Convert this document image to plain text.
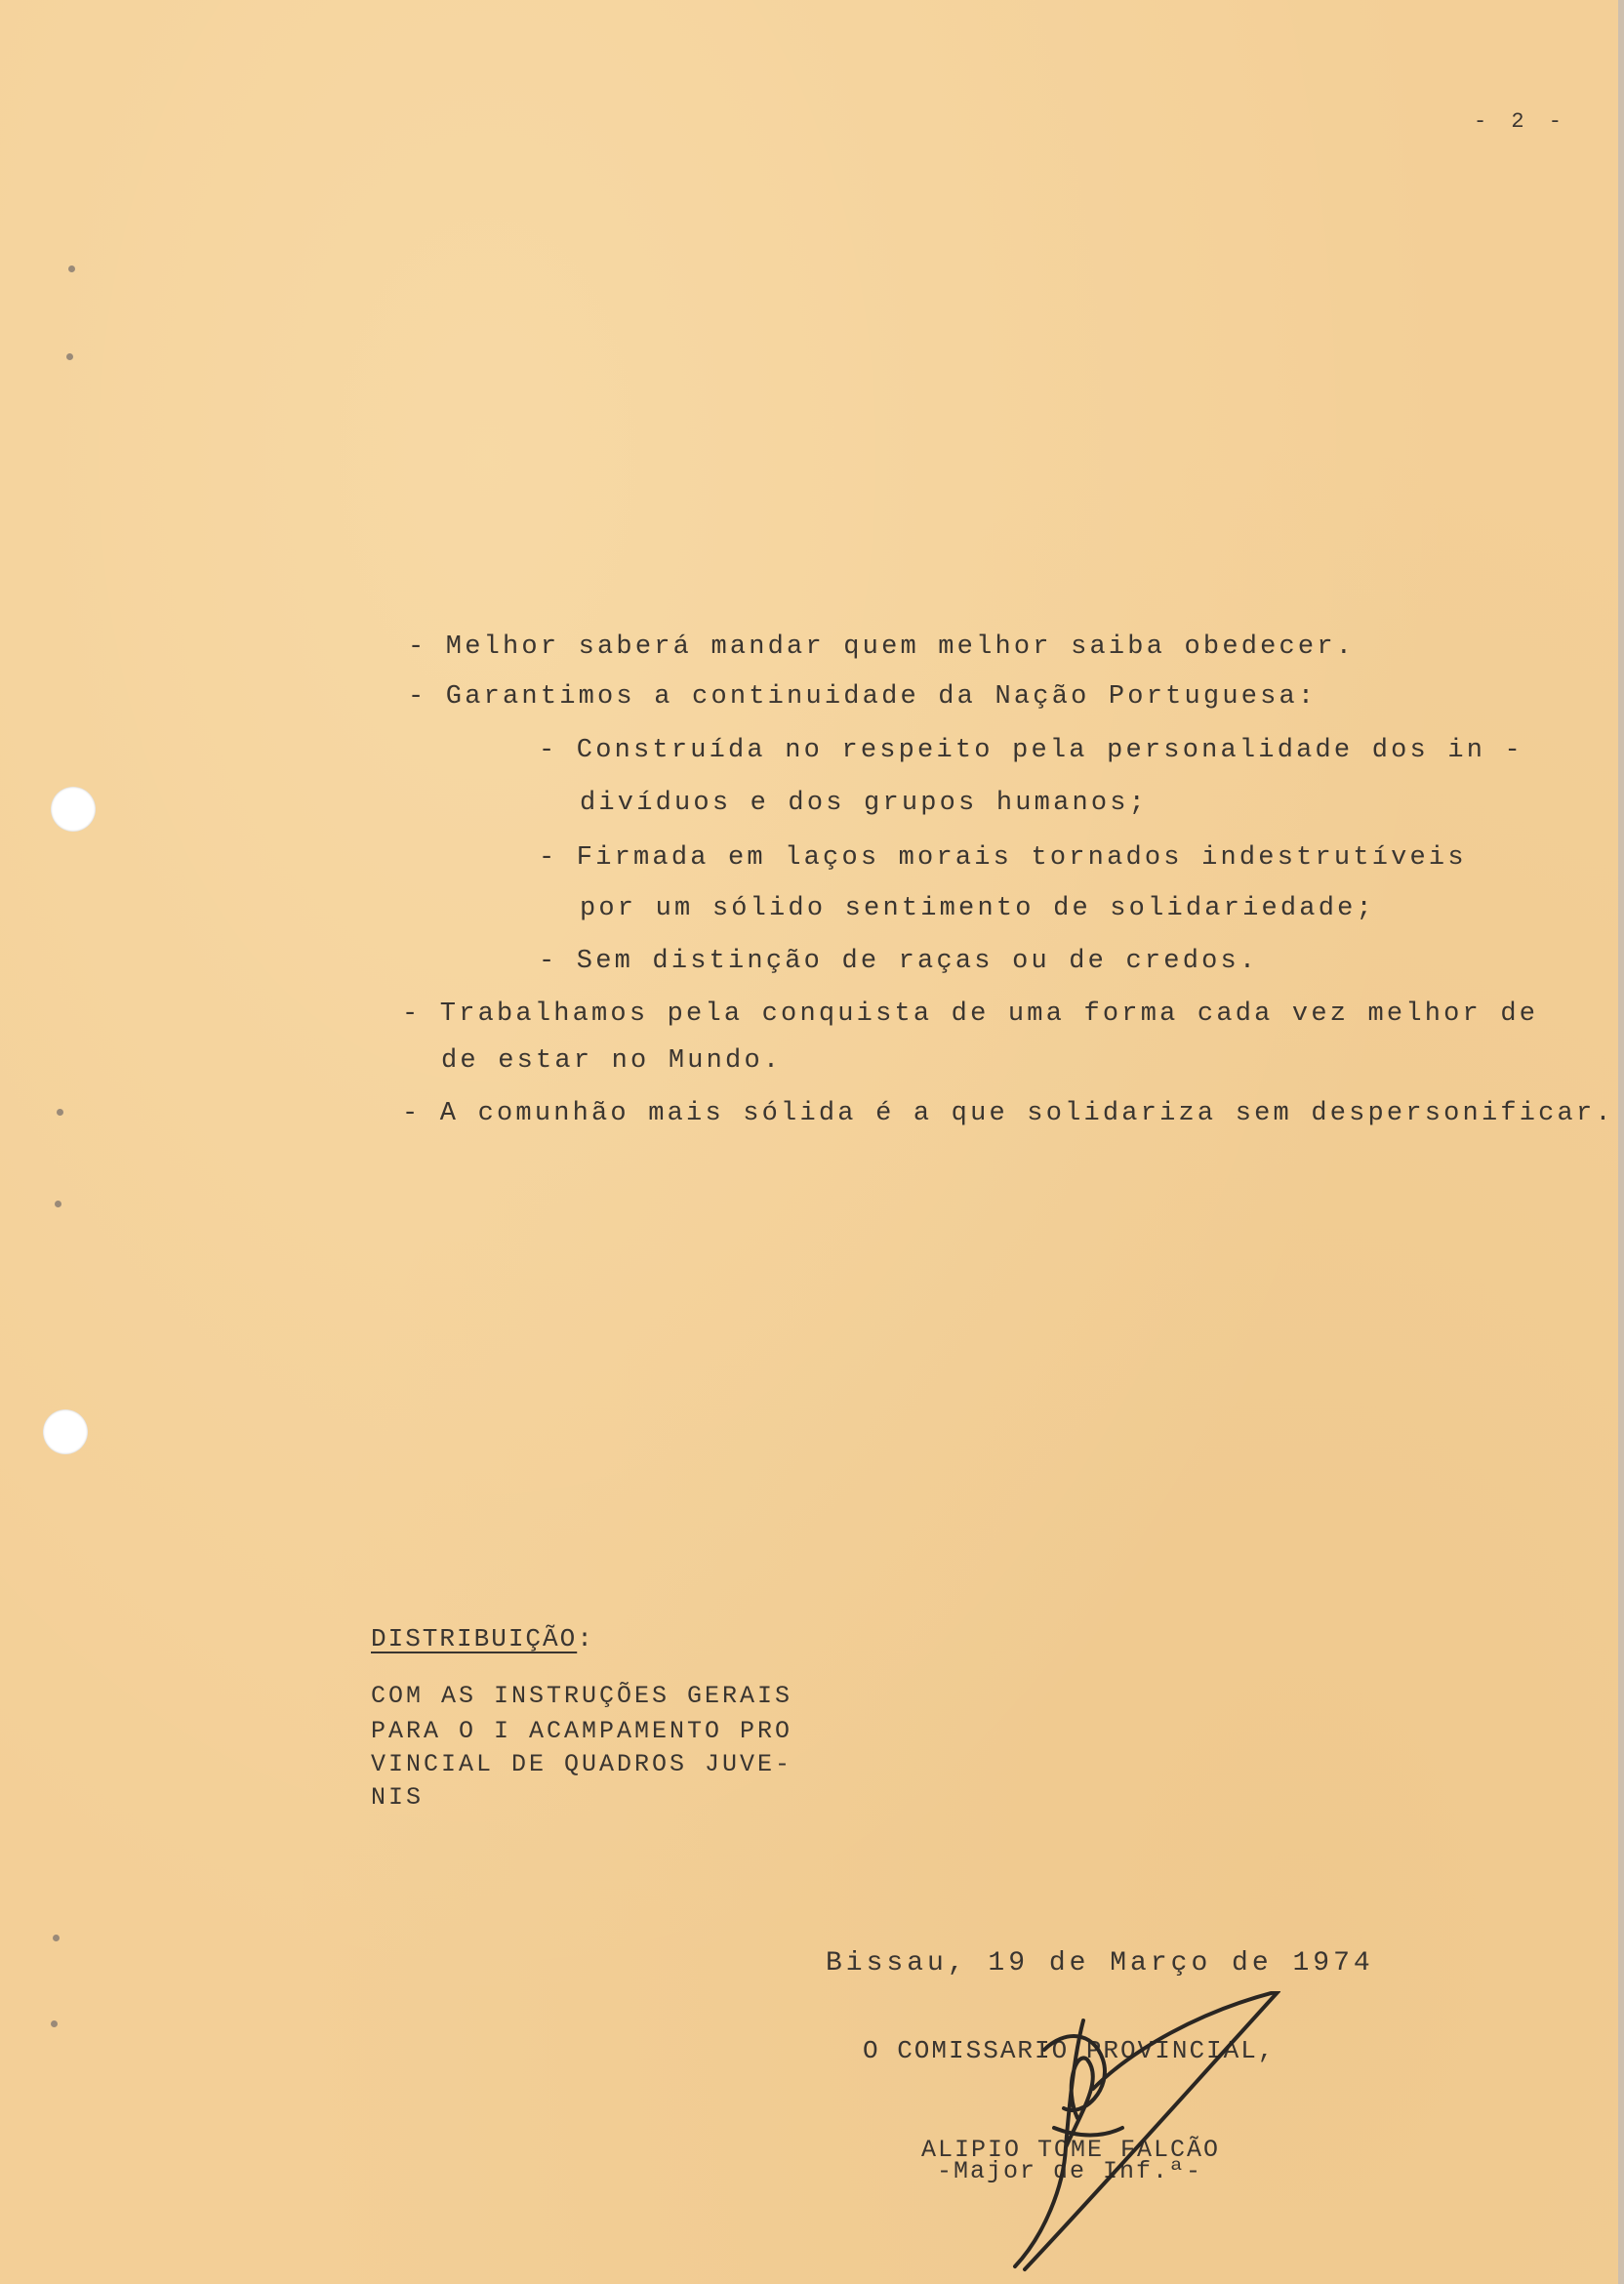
- 2 -
- Melhor saberá mandar quem melhor saiba obedecer.
- Garantimos a continuidade da Nação Portuguesa:
- Construída no respeito pela personalidade dos in -
divíduos e dos grupos humanos;
- Firmada em laços morais tornados indestrutíveis
por um sólido sentimento de solidariedade;
- Sem distinção de raças ou de credos.
- Trabalhamos pela conquista de uma forma cada vez melhor de
de estar no Mundo.
- A comunhão mais sólida é a que solidariza sem despersonificar.
DISTRIBUIÇÃO:
COM AS INSTRUÇÕES GERAIS
PARA O I ACAMPAMENTO PRO
VINCIAL DE QUADROS JUVE-
NIS
Bissau, 19 de Março de 1974
O COMISSARIO PROVINCIAL,
ALIPIO TOME FALCÃO
-Major de Inf.ª-
